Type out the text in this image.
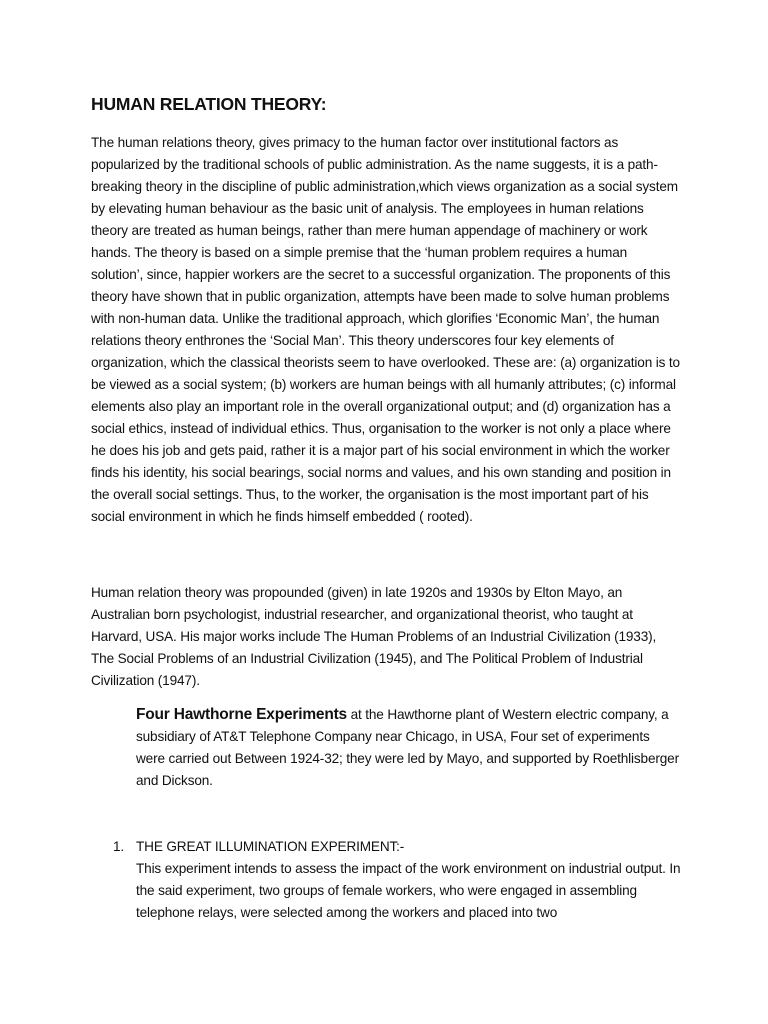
HUMAN RELATION THEORY:

The human relations theory, gives primacy to the human factor over institutional factors as popularized by the traditional schools of public administration. As the name suggests, it is a path-breaking theory in the discipline of public administration,which views organization as a social system by elevating human behaviour as the basic unit of analysis. The employees in human relations theory are treated as human beings, rather than mere human appendage of machinery or work hands. The theory is based on a simple premise that the ‘human problem requires a human solution’, since, happier workers are the secret to a successful organization. The proponents of this theory have shown that in public organization, attempts have been made to solve human problems with non-human data. Unlike the traditional approach, which glorifies ‘Economic Man’, the human relations theory enthrones the ‘Social Man’. This theory underscores four key elements of organization, which the classical theorists seem to have overlooked. These are: (a) organization is to be viewed as a social system; (b) workers are human beings with all humanly attributes; (c) informal elements also play an important role in the overall organizational output; and (d) organization has a social ethics, instead of individual ethics. Thus, organisation to the worker is not only a place where he does his job and gets paid, rather it is a major part of his social environment in which the worker finds his identity, his social bearings, social norms and values, and his own standing and position in the overall social settings. Thus, to the worker, the organisation is the most important part of his social environment in which he finds himself embedded ( rooted).

Human relation theory was propounded (given) in late 1920s and 1930s by Elton Mayo, an Australian born psychologist, industrial researcher, and organizational theorist, who taught at Harvard, USA. His major works include The Human Problems of an Industrial Civilization (1933), The Social Problems of an Industrial Civilization (1945), and The Political Problem of Industrial Civilization (1947).

Four Hawthorne Experiments at the Hawthorne plant of Western electric company, a subsidiary of AT&T Telephone Company near Chicago, in USA, Four set of experiments were carried out Between 1924-32; they were led by Mayo, and supported by Roethlisberger and Dickson.

1. THE GREAT ILLUMINATION EXPERIMENT:-
This experiment intends to assess the impact of the work environment on industrial output. In the said experiment, two groups of female workers, who were engaged in assembling telephone relays, were selected among the workers and placed into two
